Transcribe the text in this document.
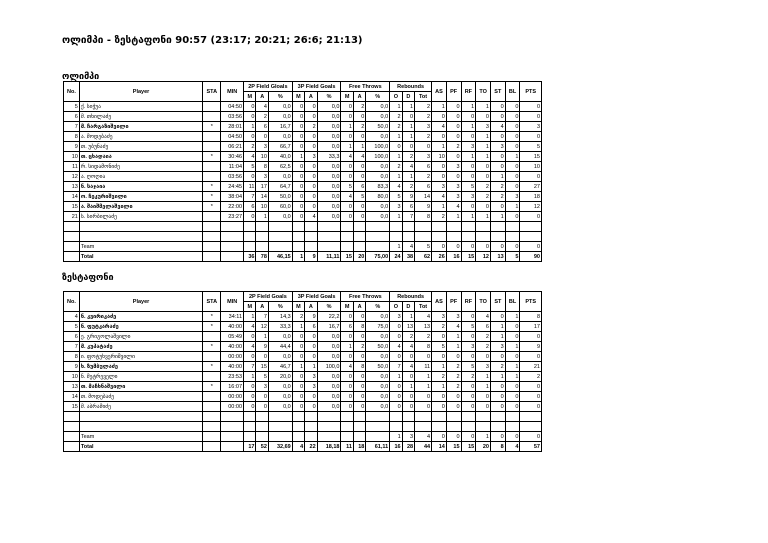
ოლიმპი - ზესტაფონი 90:57 (23:17; 20:21; 26:6; 21:13)
ოლიმპი
No.	Player	STA	MIN	2P Field Gloals			3P Field Goals			Free Throws			Rebounds			AS	PF	RF	TO	ST	BL	PTS
				M	A	%	M	A	%	M	A	%	O	D	Tot							
5	ქ. სიჭუა		04:50	0	4	0,0	0	0	0,0	0	2	0,0	1	1	2	1	0	1	1	0	0	0
6	მ. თხილაძე		03:56	0	2	0,0	0	0	0,0	0	0	0,0	2	0	2	0	0	0	0	0	0	0
7	მ. ჩარგაზიშვილი	*	28:01	1	6	16,7	0	2	0,0	1	2	50,0	2	1	3	4	0	1	3	4	0	3
8	ა. მოდებაძე		04:50	0	0	0,0	0	0	0,0	0	0	0,0	1	1	2	0	0	0	1	0	0	0
9	თ. უბუნაძე		06:21	2	3	66,7	0	0	0,0	1	1	100,0	0	0	0	1	2	3	1	3	0	5
10	თ. ცხადაია	*	30:46	4	10	40,0	1	3	33,3	4	4	100,0	1	2	3	10	0	1	1	0	1	15
11	რ. სიდამონიძე		11:04	5	8	62,5	0	0	0,0	0	0	0,0	2	4	6	0	3	0	0	0	0	10
12	ა. ღოღია		03:56	0	3	0,0	0	0	0,0	0	0	0,0	1	1	2	0	0	0	0	1	0	0
13	ნ. საჯაია	*	24:45	11	17	64,7	0	0	0,0	5	6	83,3	4	2	6	3	3	5	2	2	0	27
14	ო. ჩეკურიშვილი	*	38:04	7	14	50,0	0	0	0,0	4	5	80,0	5	9	14	4	3	3	2	2	3	18
15	ა. შაიშმელაშვილი	*	22:00	6	10	60,0	0	0	0,0	0	0	0,0	3	6	9	1	4	0	0	0	1	12
21	ს. სირბილაძე		23:27	0	1	0,0	0	4	0,0	0	0	0,0	1	7	8	2	1	1	1	1	0	0

	Team												1	4	5	0	0	0	0	0	0	0
	Total			36	78	46,15	1	9	11,11	15	20	75,00	24	38	62	26	16	15	12	13	5	90
ზესტაფონი
No.	Player	STA	MIN	2P Field Goals			3P Field Goals			Free Throws			Rebounds			AS	PF	RF	TO	ST	BL	PTS
				M	A	%	M	A	%	M	A	%	O	D	Tot							
4	ნ. კვირიკაძე	*	34:11	1	7	14,3	2	9	22,2	0	0	0,0	3	1	4	3	3	0	4	0	1	8
5	ნ. ფუტკარაძე	*	40:00	4	12	33,3	1	6	16,7	6	8	75,0	0	13	13	2	4	5	6	1	0	17
6	ე. გრიგოლაშვილი		05:49	0	1	0,0	0	0	0,0	0	0	0,0	0	2	2	0	1	0	2	1	0	0
7	მ. კუპატაძე	*	40:00	4	9	44,4	0	0	0,0	1	2	50,0	4	4	8	5	1	3	2	3	1	9
8	ი. ფოტუხვერიშვილი		00:00	0	0	0,0	0	0	0,0	0	0	0,0	0	0	0	0	0	0	0	0	0	0
9	ხ. ზუმბულაძე	*	40:00	7	15	46,7	1	1	100,0	4	8	50,0	7	4	11	1	2	5	3	2	1	21
10	ნ. მეტრეველი		23:53	1	5	20,0	0	3	0,0	0	0	0,0	1	0	1	2	2	2	1	1	1	2
13	თ. მაჩხნაშვილი	*	16:07	0	3	0,0	0	3	0,0	0	0	0,0	0	1	1	1	2	0	1	0	0	0
14	თ. მოდებაძე		00:00	0	0	0,0	0	0	0,0	0	0	0,0	0	0	0	0	0	0	0	0	0	0
15	მ. აბრამიძე		00:00	0	0	0,0	0	0	0,0	0	0	0,0	0	0	0	0	0	0	0	0	0	0

	Team												1	3	4	0	0	0	1	0	0	0
	Total			17	52	32,69	4	22	18,18	11	18	61,11	16	28	44	14	15	15	20	8	4	57
